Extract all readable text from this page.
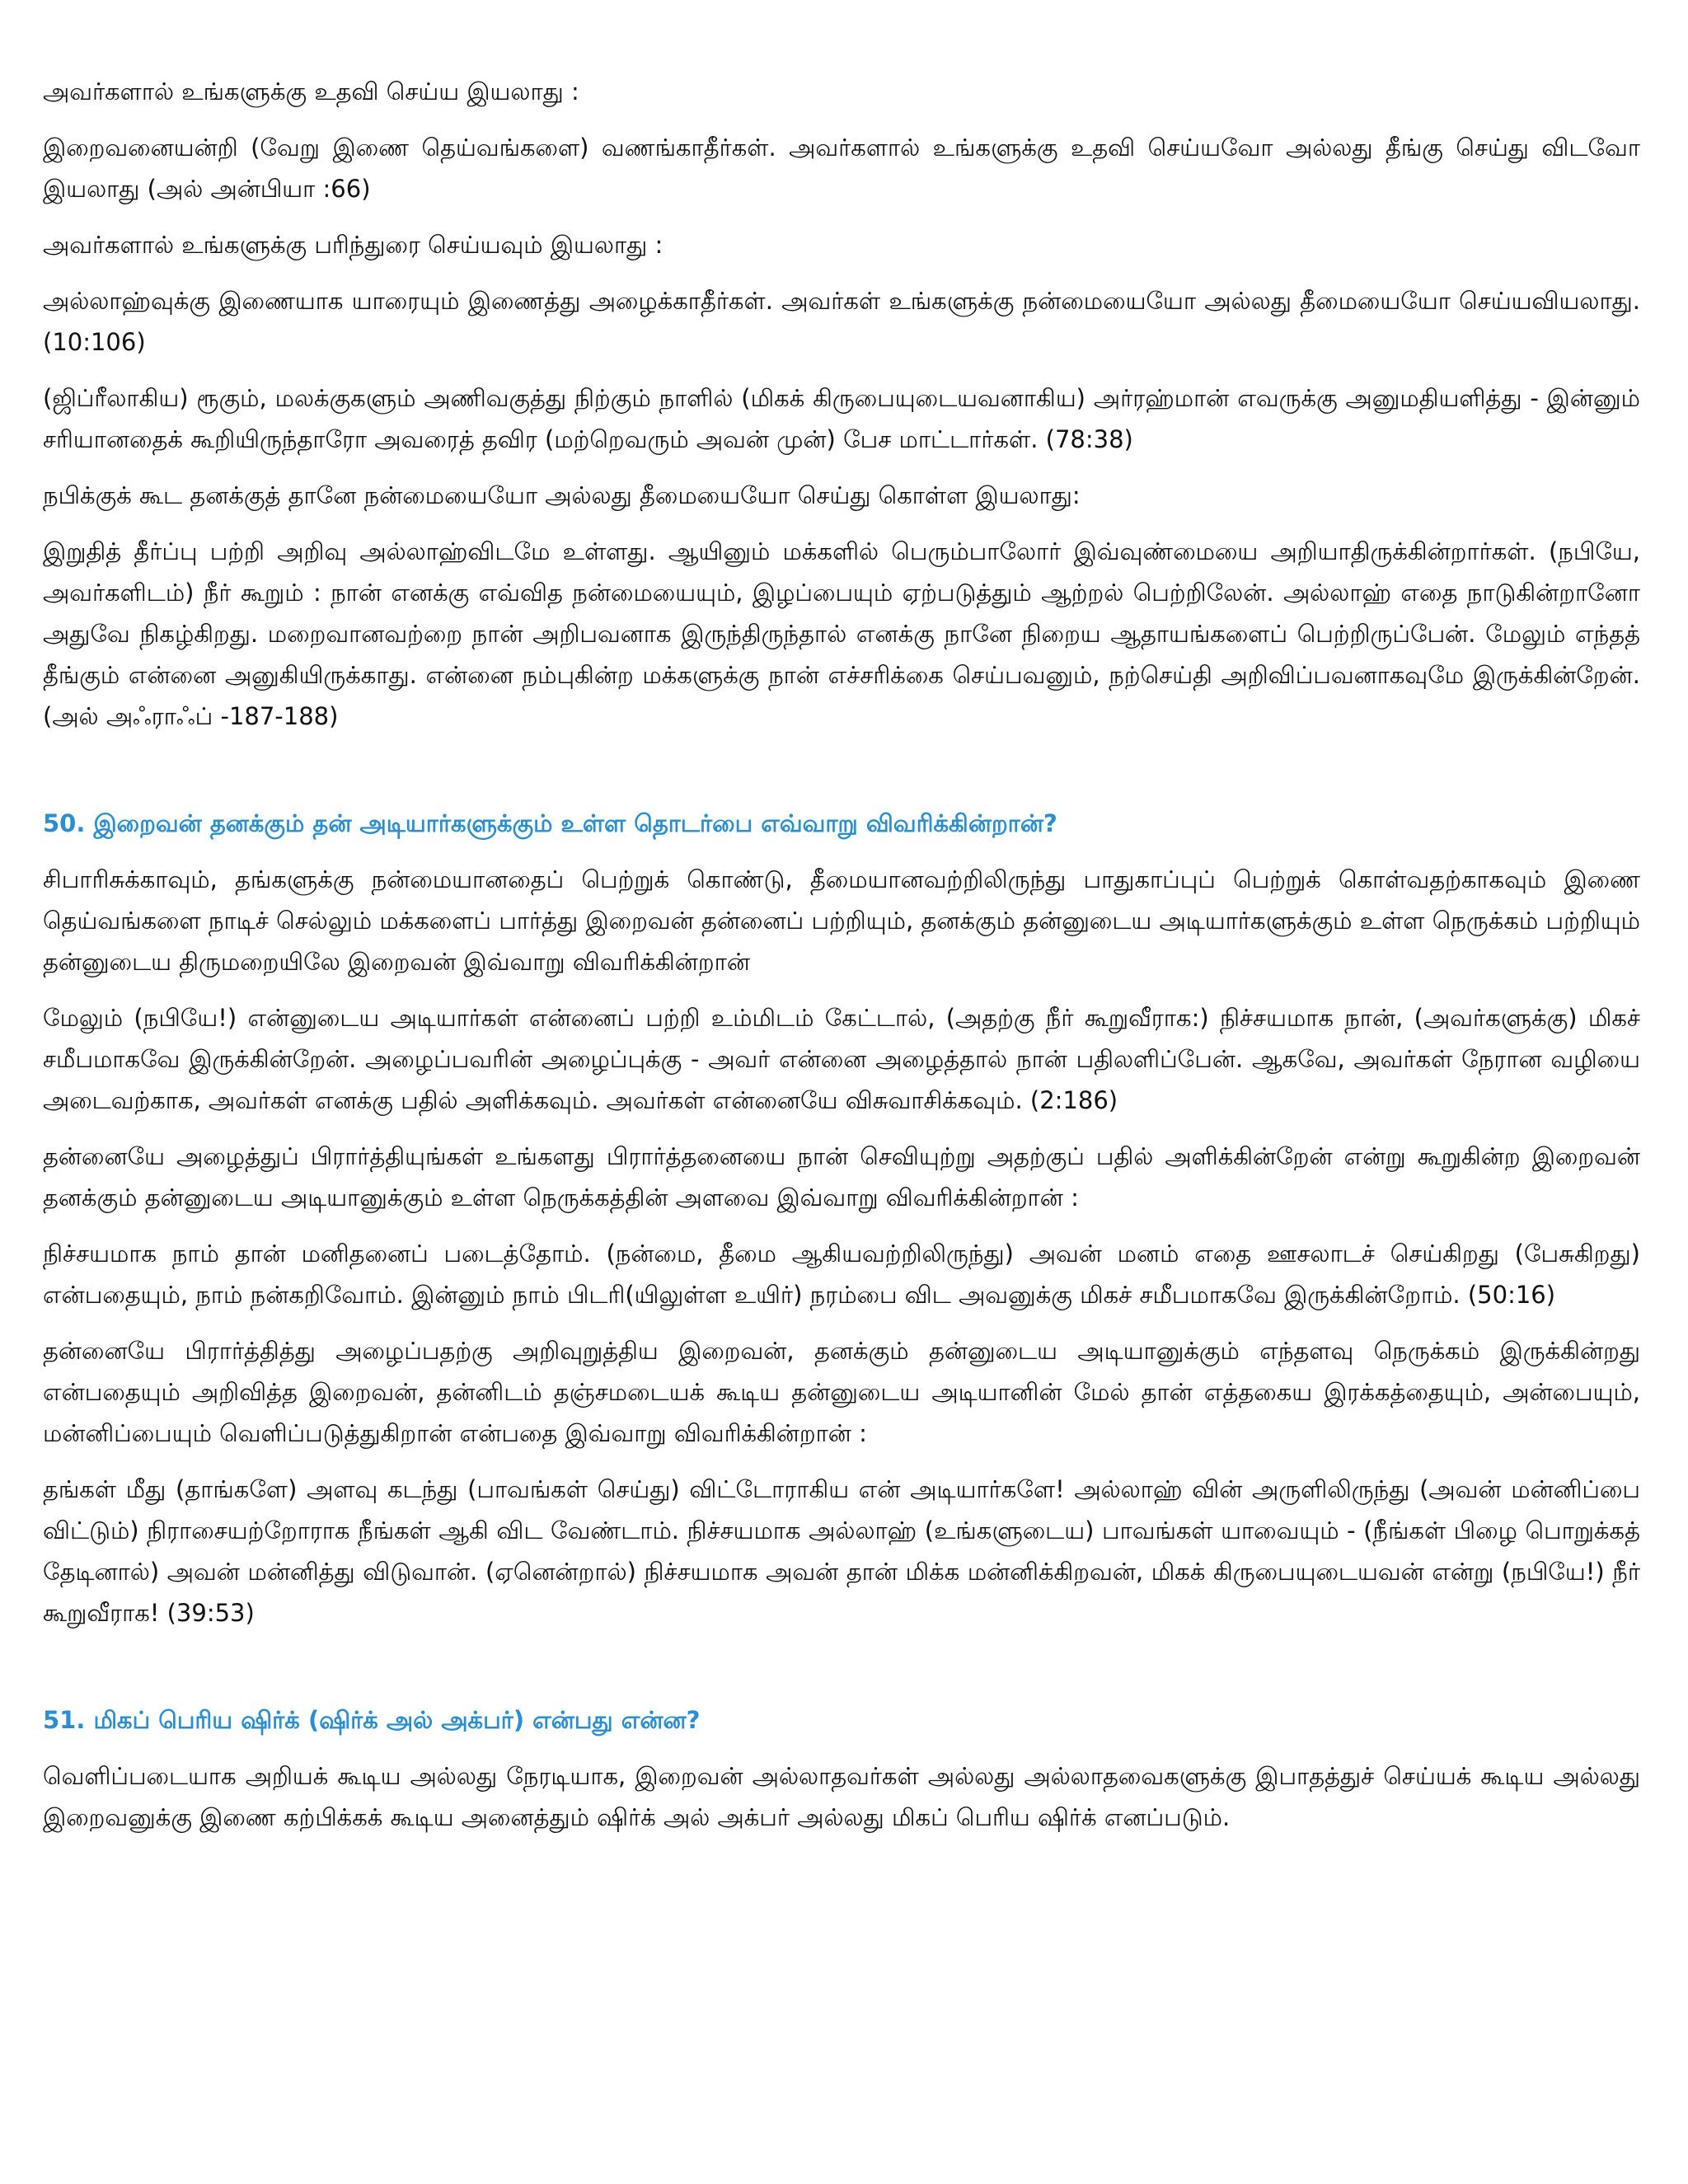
அவர்களால் உங்களுக்கு உதவி செய்ய இயலாது :

இறைவனையன்றி (வேறு இணை தெய்வங்களை) வணங்காதீர்கள். அவர்களால் உங்களுக்கு உதவி செய்யவோ அல்லது தீங்கு செய்து விடவோ இயலாது (அல் அன்பியா :66)

அவர்களால் உங்களுக்கு பரிந்துரை செய்யவும் இயலாது :

அல்லாஹ்வுக்கு இணையாக யாரையும் இணைத்து அழைக்காதீர்கள். அவர்கள் உங்களுக்கு நன்மையையோ அல்லது தீமையையோ செய்யவியலாது. (10:106)

(ஜிப்ரீலாகிய) ரூகும், மலக்குகளும் அணிவகுத்து நிற்கும் நாளில் (மிகக் கிருபையுடையவனாகிய) அர்ரஹ்மான் எவருக்கு அனுமதியளித்து - இன்னும் சரியானதைக் கூறியிருந்தாரோ அவரைத் தவிர (மற்றெவரும் அவன் முன்) பேச மாட்டார்கள். (78:38)

நபிக்குக் கூட தனக்குத் தானே நன்மையையோ அல்லது தீமையையோ செய்து கொள்ள இயலாது:

இறுதித் தீர்ப்பு பற்றி அறிவு அல்லாஹ்விடமே உள்ளது. ஆயினும் மக்களில் பெரும்பாலோர் இவ்வுண்மையை அறியாதிருக்கின்றார்கள். (நபியே, அவர்களிடம்) நீர் கூறும் : நான் எனக்கு எவ்வித நன்மையையும், இழப்பையும் ஏற்படுத்தும் ஆற்றல் பெற்றிலேன். அல்லாஹ் எதை நாடுகின்றானோ அதுவே நிகழ்கிறது. மறைவானவற்றை நான் அறிபவனாக இருந்திருந்தால் எனக்கு நானே நிறைய ஆதாயங்களைப் பெற்றிருப்பேன். மேலும் எந்தத் தீங்கும் என்னை அனுகியிருக்காது. என்னை நம்புகின்ற மக்களுக்கு நான் எச்சரிக்கை செய்பவனும், நற்செய்தி அறிவிப்பவனாகவுமே இருக்கின்றேன். (அல் அஃராஃப் -187-188)

50. இறைவன் தனக்கும் தன் அடியார்களுக்கும் உள்ள தொடர்பை எவ்வாறு விவரிக்கின்றான்?

சிபாரிசுக்காவும், தங்களுக்கு நன்மையானதைப் பெற்றுக் கொண்டு, தீமையானவற்றிலிருந்து பாதுகாப்புப் பெற்றுக் கொள்வதற்காகவும் இணை தெய்வங்களை நாடிச் செல்லும் மக்களைப் பார்த்து இறைவன் தன்னைப் பற்றியும், தனக்கும் தன்னுடைய அடியார்களுக்கும் உள்ள நெருக்கம் பற்றியும் தன்னுடைய திருமறையிலே இறைவன் இவ்வாறு விவரிக்கின்றான்

மேலும் (நபியே!) என்னுடைய அடியார்கள் என்னைப் பற்றி உம்மிடம் கேட்டால், (அதற்கு நீர் கூறுவீராக:) நிச்சயமாக நான், (அவர்களுக்கு) மிகச் சமீபமாகவே இருக்கின்றேன். அழைப்பவரின் அழைப்புக்கு - அவர் என்னை அழைத்தால் நான் பதிலளிப்பேன். ஆகவே, அவர்கள் நேரான வழியை அடைவற்காக, அவர்கள் எனக்கு பதில் அளிக்கவும். அவர்கள் என்னையே விசுவாசிக்கவும். (2:186)

தன்னையே அழைத்துப் பிரார்த்தியுங்கள் உங்களது பிரார்த்தனையை நான் செவியுற்று அதற்குப் பதில் அளிக்கின்றேன் என்று கூறுகின்ற இறைவன் தனக்கும் தன்னுடைய அடியானுக்கும் உள்ள நெருக்கத்தின் அளவை இவ்வாறு விவரிக்கின்றான் :

நிச்சயமாக நாம் தான் மனிதனைப் படைத்தோம். (நன்மை, தீமை ஆகியவற்றிலிருந்து) அவன் மனம் எதை ஊசலாடச் செய்கிறது (பேசுகிறது) என்பதையும், நாம் நன்கறிவோம். இன்னும் நாம் பிடரி(யிலுள்ள உயிர்) நரம்பை விட அவனுக்கு மிகச் சமீபமாகவே இருக்கின்றோம். (50:16)

தன்னையே பிரார்த்தித்து அழைப்பதற்கு அறிவுறுத்திய இறைவன், தனக்கும் தன்னுடைய அடியானுக்கும் எந்தளவு நெருக்கம் இருக்கின்றது என்பதையும் அறிவித்த இறைவன், தன்னிடம் தஞ்சமடையக் கூடிய தன்னுடைய அடியானின் மேல் தான் எத்தகைய இரக்கத்தையும், அன்பையும், மன்னிப்பையும் வெளிப்படுத்துகிறான் என்பதை இவ்வாறு விவரிக்கின்றான் :

தங்கள் மீது (தாங்களே) அளவு கடந்து (பாவங்கள் செய்து) விட்டோராகிய என் அடியார்களே! அல்லாஹ் வின் அருளிலிருந்து (அவன் மன்னிப்பை விட்டும்) நிராசையற்றோராக நீங்கள் ஆகி விட வேண்டாம். நிச்சயமாக அல்லாஹ் (உங்களுடைய) பாவங்கள் யாவையும் - (நீங்கள் பிழை பொறுக்கத் தேடினால்) அவன் மன்னித்து விடுவான். (ஏனென்றால்) நிச்சயமாக அவன் தான் மிக்க மன்னிக்கிறவன், மிகக் கிருபையுடையவன் என்று (நபியே!) நீர் கூறுவீராக! (39:53)

51. மிகப் பெரிய ஷிர்க் (ஷிர்க் அல் அக்பர்) என்பது என்ன?

வெளிப்படையாக அறியக் கூடிய அல்லது நேரடியாக, இறைவன் அல்லாதவர்கள் அல்லது அல்லாதவைகளுக்கு இபாதத்துச் செய்யக் கூடிய அல்லது இறைவனுக்கு இணை கற்பிக்கக் கூடிய அனைத்தும் ஷிர்க் அல் அக்பர் அல்லது மிகப் பெரிய ஷிர்க் எனப்படும்.
